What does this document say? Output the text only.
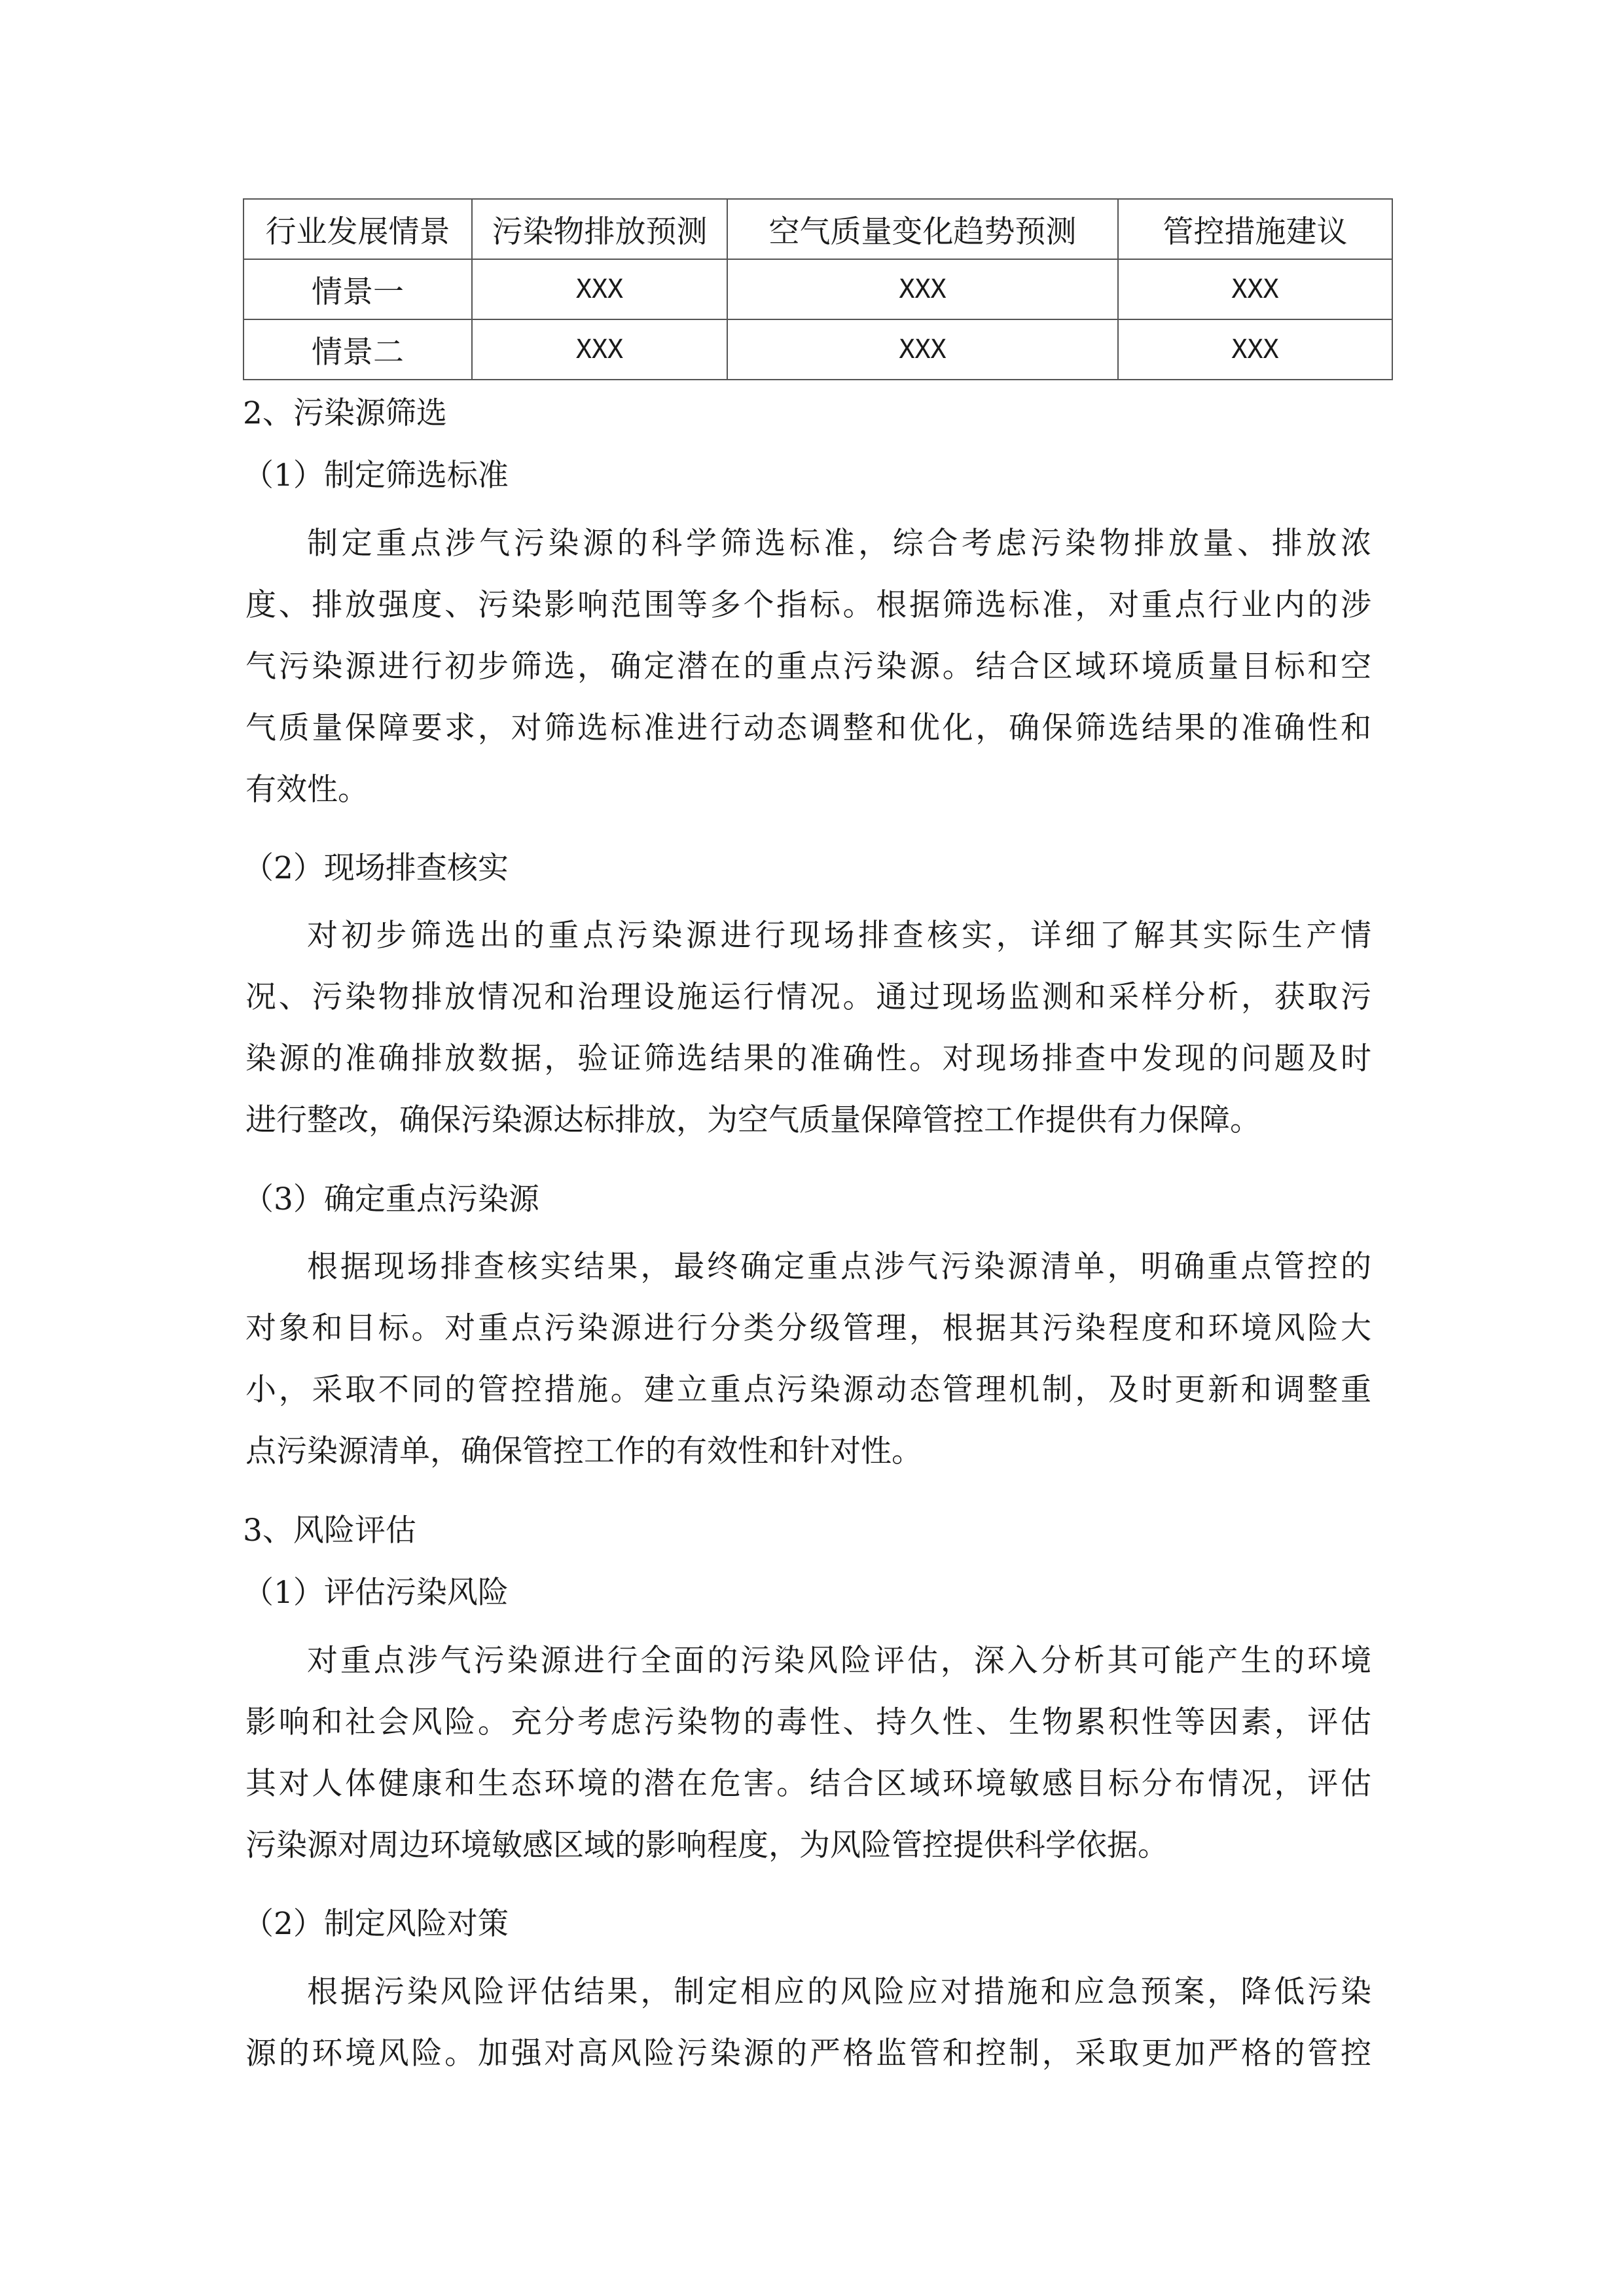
行业发展情景	污染物排放预测	空气质量变化趋势预测	管控措施建议
情景一	XXX	XXX	XXX
情景二	XXX	XXX	XXX
2、污染源筛选
（1）制定筛选标准
制定重点涉气污染源的科学筛选标准，综合考虑污染物排放量、排放浓
度、排放强度、污染影响范围等多个指标。根据筛选标准，对重点行业内的涉
气污染源进行初步筛选，确定潜在的重点污染源。结合区域环境质量目标和空
气质量保障要求，对筛选标准进行动态调整和优化，确保筛选结果的准确性和
有效性。
（2）现场排查核实
对初步筛选出的重点污染源进行现场排查核实，详细了解其实际生产情
况、污染物排放情况和治理设施运行情况。通过现场监测和采样分析，获取污
染源的准确排放数据，验证筛选结果的准确性。对现场排查中发现的问题及时
进行整改，确保污染源达标排放，为空气质量保障管控工作提供有力保障。
（3）确定重点污染源
根据现场排查核实结果，最终确定重点涉气污染源清单，明确重点管控的
对象和目标。对重点污染源进行分类分级管理，根据其污染程度和环境风险大
小，采取不同的管控措施。建立重点污染源动态管理机制，及时更新和调整重
点污染源清单，确保管控工作的有效性和针对性。
3、风险评估
（1）评估污染风险
对重点涉气污染源进行全面的污染风险评估，深入分析其可能产生的环境
影响和社会风险。充分考虑污染物的毒性、持久性、生物累积性等因素，评估
其对人体健康和生态环境的潜在危害。结合区域环境敏感目标分布情况，评估
污染源对周边环境敏感区域的影响程度，为风险管控提供科学依据。
（2）制定风险对策
根据污染风险评估结果，制定相应的风险应对措施和应急预案，降低污染
源的环境风险。加强对高风险污染源的严格监管和控制，采取更加严格的管控
